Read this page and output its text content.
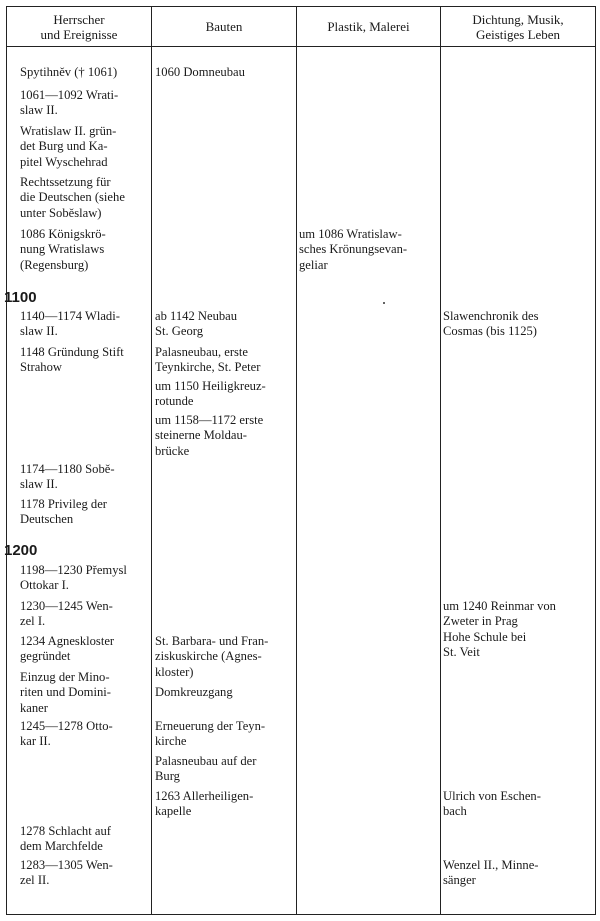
Herrscher
und Ereignisse
Bauten	Plastik, Malerei	Dichtung, Musik,
Geistiges Leben
Spytihněv († 1061)
1061—1092 Wrati-
slaw II.
Wratislaw II. grün-
det Burg und Ka-
pitel Wyschehrad
Rechtssetzung für
die Deutschen (siehe
unter Soběslaw)
1086 Königskrö-
nung Wratislaws
(Regensburg)
1100
1140—1174 Wladi-
slaw II.
1148 Gründung Stift
Strahow
1174—1180 Sobě-
slaw II.
1178 Privileg der
Deutschen
1200
1198—1230 Přemysl
Ottokar I.
1230—1245 Wen-
zel I.
1234 Agneskloster
gegründet
Einzug der Mino-
riten und Domini-
kaner
1245—1278 Otto-
kar II.
1278 Schlacht auf
dem Marchfelde
1283—1305 Wen-
zel II.
1060 Domneubau
ab 1142 Neubau
St. Georg
Palasneubau, erste
Teynkirche, St. Peter
um 1150 Heiligkreuz-
rotunde
um 1158—1172 erste
steinerne Moldau-
brücke
St. Barbara- und Fran-
ziskuskirche (Agnes-
kloster)
Domkreuzgang
Erneuerung der Teyn-
kirche
Palasneubau auf der
Burg
1263 Allerheiligen-
kapelle
um 1086 Wratislaw-
sches Krönungsevan-
geliar
Slawenchronik des
Cosmas (bis 1125)
um 1240 Reinmar von
Zweter in Prag
Hohe Schule bei
St. Veit
Ulrich von Eschen-
bach
Wenzel II., Minne-
sänger
